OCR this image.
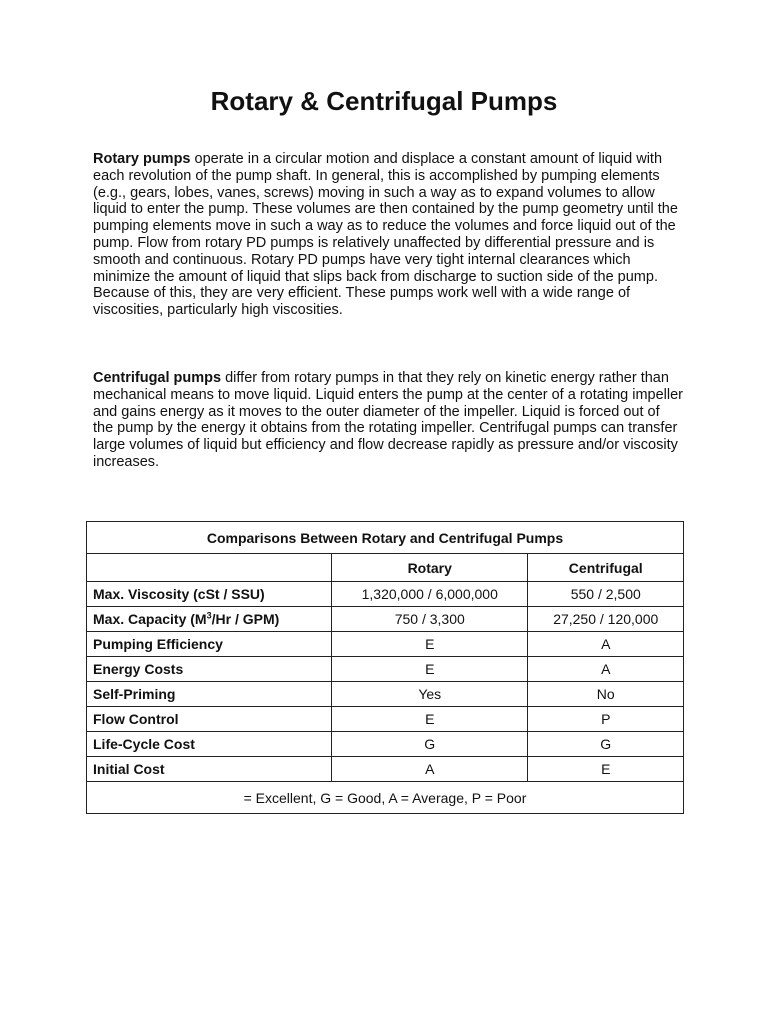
Rotary & Centrifugal Pumps

Rotary pumps operate in a circular motion and displace a constant amount of liquid with each revolution of the pump shaft. In general, this is accomplished by pumping elements (e.g., gears, lobes, vanes, screws) moving in such a way as to expand volumes to allow liquid to enter the pump. These volumes are then contained by the pump geometry until the pumping elements move in such a way as to reduce the volumes and force liquid out of the pump. Flow from rotary PD pumps is relatively unaffected by differential pressure and is smooth and continuous. Rotary PD pumps have very tight internal clearances which minimize the amount of liquid that slips back from discharge to suction side of the pump. Because of this, they are very efficient. These pumps work well with a wide range of viscosities, particularly high viscosities.

Centrifugal pumps differ from rotary pumps in that they rely on kinetic energy rather than mechanical means to move liquid. Liquid enters the pump at the center of a rotating impeller and gains energy as it moves to the outer diameter of the impeller. Liquid is forced out of the pump by the energy it obtains from the rotating impeller. Centrifugal pumps can transfer large volumes of liquid but efficiency and flow decrease rapidly as pressure and/or viscosity increases.

Comparisons Between Rotary and Centrifugal Pumps		
	Rotary	Centrifugal
Max. Viscosity (cSt / SSU)	1,320,000 / 6,000,000	550 / 2,500
Max. Capacity $(M^3/Hr / GPM)$	750 / 3,300	27,250 / 120,000
Pumping Efficiency	E	A
Energy Costs	E	A
Self-Priming	Yes	No
Flow Control	E	P
Life-Cycle Cost	G	G
Initial Cost	A	E
= Excellent, G = Good, A = Average, P = Poor		
